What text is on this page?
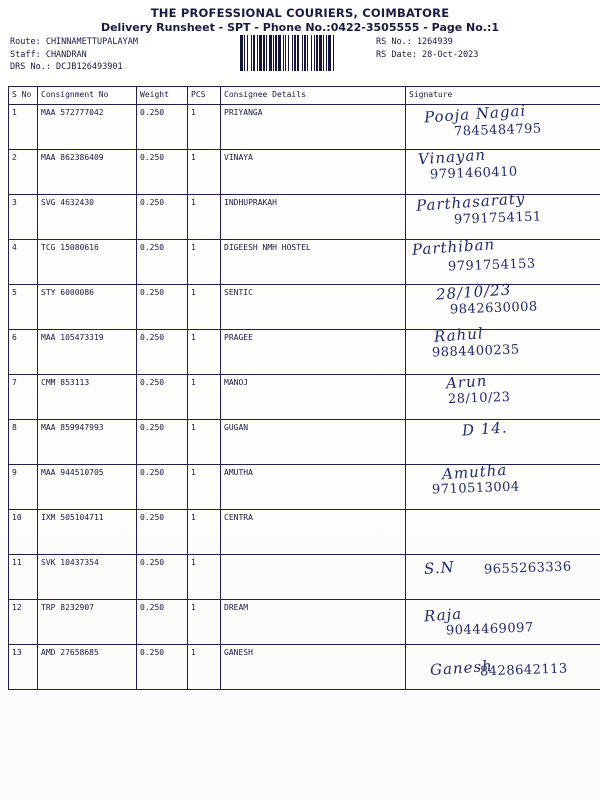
THE PROFESSIONAL COURIERS, COIMBATORE
Delivery Runsheet - SPT - Phone No.:0422-3505555 - Page No.:1
Route: CHINNAMETTUPALAYAM
Staff: CHANDRAN
DRS No.: DCJB126493901
RS No.: 1264939
RS Date: 28-Oct-2023
S No	Consignment No	Weight	PCS	Consignee Details	Signature
1	MAA 572777042	0.250	1	PRIYANGA	Pooja Nagai
7845484795

2	MAA 862386409	0.250	1	VINAYA	Vinayan
9791460410

3	SVG 4632430	0.250	1	INDHUPRAKAH	Parthasaraty
9791754151

4	TCG 15080616	0.250	1	DIGEESH NMH HOSTEL	Parthiban
9791754153

5	STY 6000086	0.250	1	SENTIC	28/10/23
9842630008

6	MAA 105473319	0.250	1	PRAGEE	Rahul
9884400235

7	CMM 853113	0.250	1	MANOJ	Arun
28/10/23

8	MAA 859947993	0.250	1	GUGAN	D 14.

9	MAA 944510705	0.250	1	AMUTHA	Amutha
9710513004

10	IXM 505104711	0.250	1	CENTRA	
11	SVK 10437354	0.250	1		S.N 9655263336

12	TRP 8232907	0.250	1	DREAM	Raja
9044469097

13	AMD 27658685	0.250	1	GANESH	Ganesh
8428642113
